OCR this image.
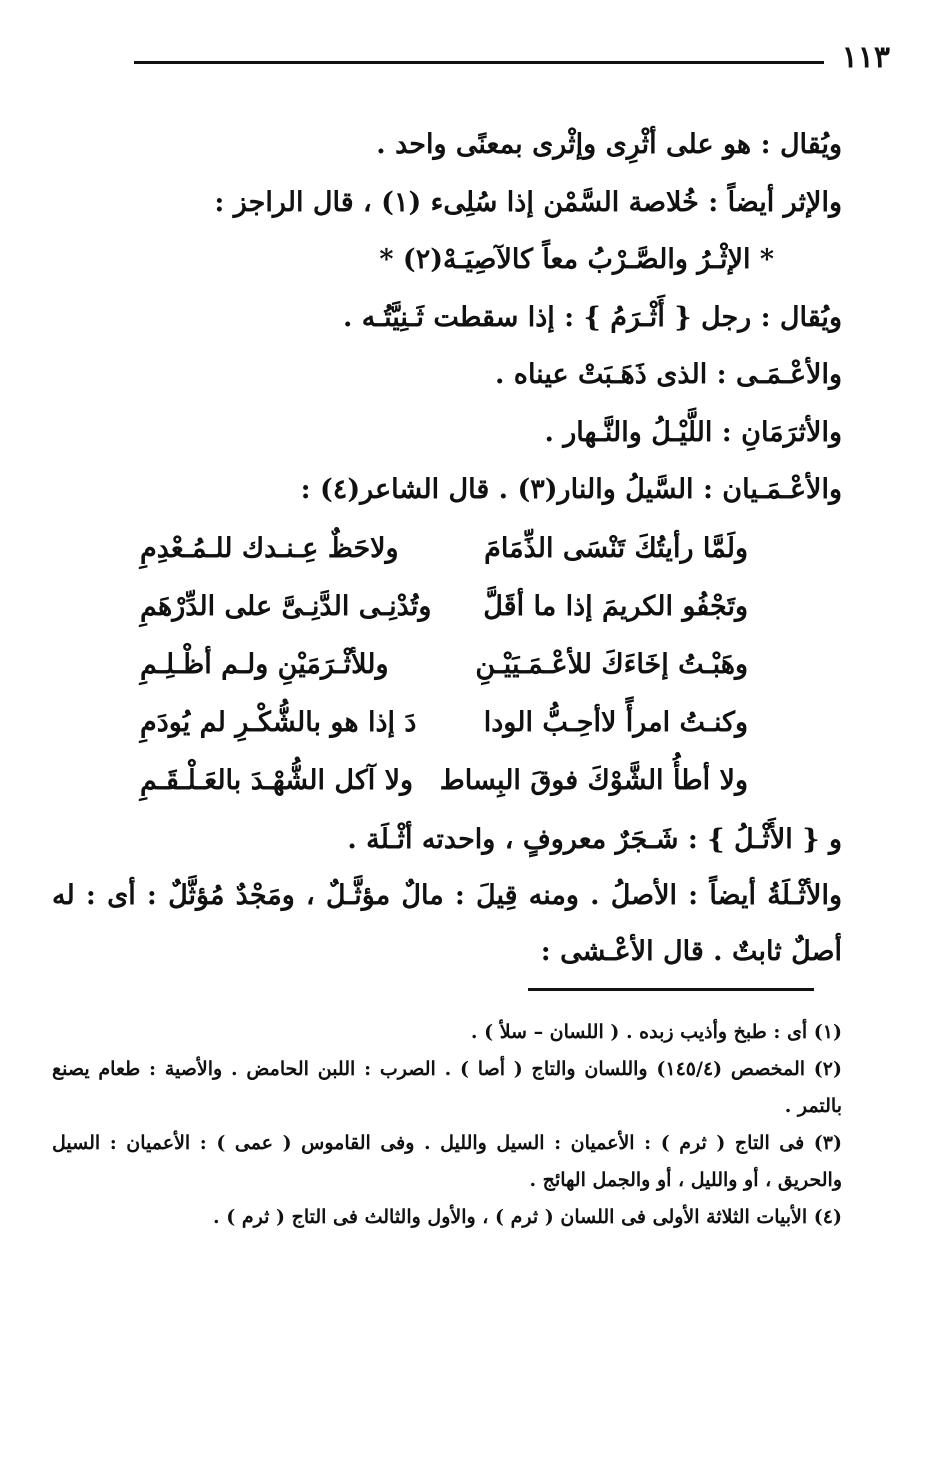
١١٣
ويُقال : هو على أثْرِى وإثْرى بمعنًى واحد .
والإثر أيضاً : خُلاصة السَّمْن إذا سُلِىء (١) ، قال الراجز :
* الإثْـرُ والصَّـرْبُ معاً كالآصِيَـهْ(٢) *
ويُقال : رجل { أَثْـرَمُ } : إذا سقطت ثَـنِيَّتُـه .
والأعْـمَـى : الذى ذَهَـبَتْ عيناه .
والأثرَمَانِ : اللَّيْـلُ والنَّـهار .
والأعْـمَـيان : السَّيلُ والنار(٣) . قال الشاعر(٤) :
ولَمَّا رأيتُكَ تَنْسَى الذِّمَامَ
ولاحَظٌ عِـنـدك للـمُـعْدِمِ
وتَجْفُو الكريمَ إذا ما أقَلَّ
وتُدْنِـى الدَّنِـىَّ على الدِّرْهَمِ
وهَبْـتُ إخَاءَكَ للأعْـمَـيَيْـنِ
وللأثْـرَمَيْنِ ولـم أظْـلِـمِ
وكنـتُ امرأً لاأحِـبُّ الودا
دَ إذا هو بالشُّكْـرِ لم يُودَمِ
ولا أطأُ الشَّوْكَ فوقَ البِساط
ولا آكل الشُّهْـدَ بالعَـلْـقَـمِ
و { الأَثْـلُ } : شَـجَرٌ معروفٍ ، واحدته أثْـلَة .
والأثْـلَةُ أيضاً : الأصلُ . ومنه قِيلَ : مالٌ مؤثَّـلٌ ، ومَجْدٌ مُؤثَّلٌ : أى : له أصلٌ ثابتٌ . قال الأعْـشى :
(١) أى : طبخ وأذيب زبده . ( اللسان – سلأ ) .
(٢) المخصص (١٤٥/٤) واللسان والتاج ( أصا ) . الصرب : اللبن الحامض . والأصية : طعام يصنع بالتمر .
(٣) فى التاج ( ثرم ) : الأعميان : السيل والليل . وفى القاموس ( عمى ) : الأعميان : السيل والحريق ، أو والليل ، أو والجمل الهائج .
(٤) الأبيات الثلاثة الأولى فى اللسان ( ثرم ) ، والأول والثالث فى التاج ( ثرم ) .
